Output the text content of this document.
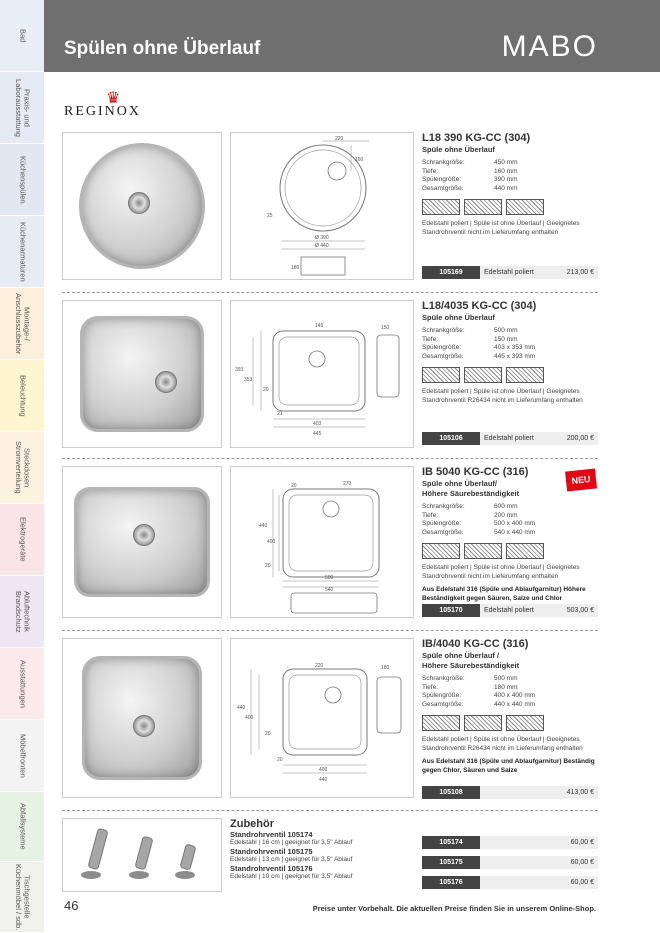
Bad
Praxis- und
Laborausstattung
Küchenspülen
Küchenarmaturen
Montage-/
Anschlusszubehör
Beleuchtung
Steckdosen
Stromverteilung
Elektrogeräte
Abluftechnik
Brandschutz
Ausstattungen
Möbelfronten
Abfallsysteme
Tischgestelle
Küchenmöbel / sdb.
Spülen ohne Überlauf	MABO
♛
REGINOX
220
160
25
Ø 390
Ø 440
180
L18 390 KG-CC (304)
Spüle ohne Überlauf
Schrankgröße:	450 mm
Tiefe:	160 mm
Spülengröße:	390 mm
Gesamtgröße:	440 mm
Edelstahl poliert | Spüle ist ohne Überlauf | Geeignetes Standrohrventil nicht im Lieferumfang enthalten
105169	Edelstahl poliert	213,00 €
145	150
393
353
20
21
403
445
L18/4035 KG-CC (304)
Spüle ohne Überlauf
Schrankgröße:	500 mm
Tiefe:	150 mm
Spülengröße:	403 x 353 mm
Gesamtgröße:	445 x 393 mm
Edelstahl poliert | Spüle ist ohne Überlauf | Geeignetes Standrohrventil R26434 nicht im Lieferumfang enthalten
105106	Edelstahl poliert	200,00 €
270
440
400
20
20
500
540
IB 5040 KG-CC (316)
Spüle ohne Überlauf/
Höhere Säurebeständigkeit
Schrankgröße:	600 mm
Tiefe:	200 mm
Spülengröße:	500 x 400 mm
Gesamtgröße:	540 x 440 mm
Edelstahl poliert | Spüle ist ohne Überlauf | Geeignetes Standrohrventil nicht im Lieferumfang enthalten
Aus Edelstahl 316 (Spüle und Ablaufgarnitur) Höhere Beständigkeit gegen Säuren, Salze und Chlor
105170	Edelstahl poliert	503,00 €
NEU
220	180
440
400
20
20
400
440
IB/4040 KG-CC (316)
Spüle ohne Überlauf /
Höhere Säurebeständigkeit
Schrankgröße:	500 mm
Tiefe:	180 mm
Spülengröße:	400 x 400 mm
Gesamtgröße:	440 x 440 mm
Edelstahl poliert | Spüle ist ohne Überlauf | Geeignetes Standrohrventil R26434 nicht im Lieferumfang enthalten
Aus Edelstahl 316 (Spüle und Ablaufgarnitur) Beständig gegen Chlor, Säuren und Salze
105108	413,00 €
Zubehör
Standrohrventil 105174
Edelstahl | 16 cm | geeignet für 3,5" Ablauf
Standrohrventil 105175
Edelstahl | 13 cm | geeignet für 3,5" Ablauf
Standrohrventil 105176
Edelstahl | 10 cm | geeignet für 3,5" Ablauf
105174	60,00 €
105175	60,00 €
105176	60,00 €
46	Preise unter Vorbehalt. Die aktuellen Preise finden Sie in unserem Online-Shop.
